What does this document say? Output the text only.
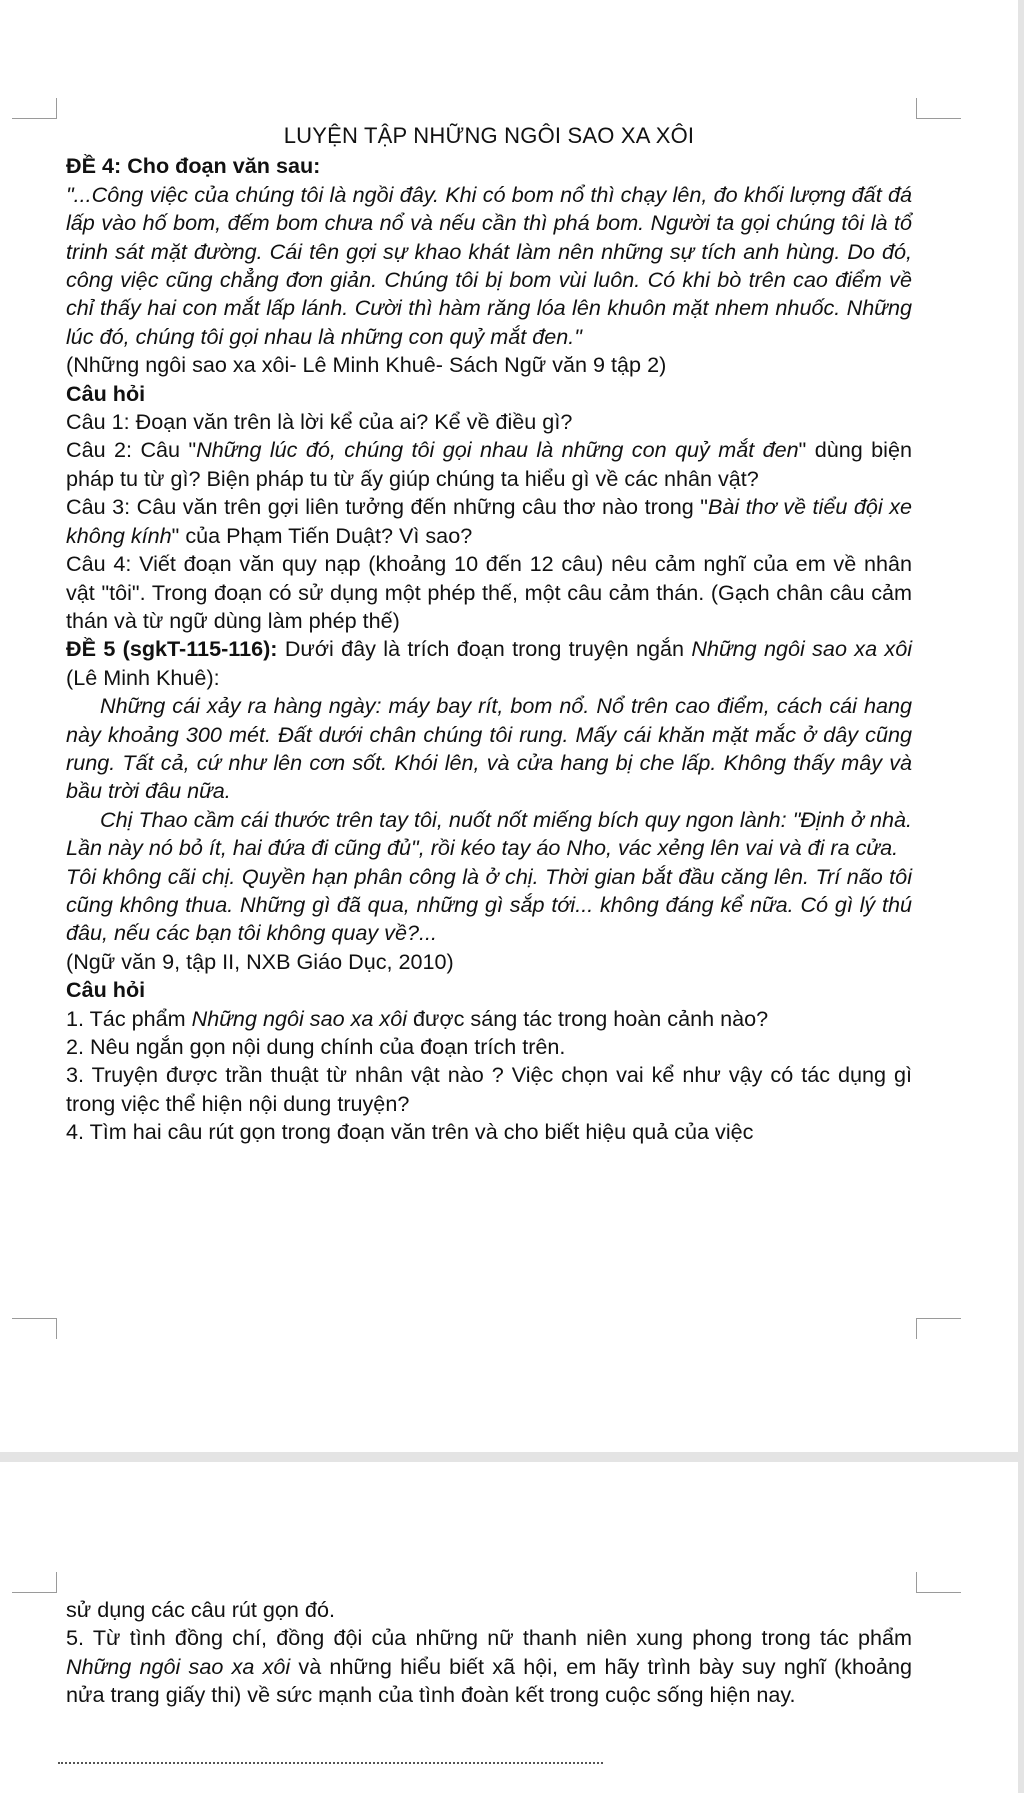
LUYỆN TẬP NHỮNG NGÔI SAO XA XÔI

ĐỀ 4: Cho đoạn văn sau:

"...Công việc của chúng tôi là ngồi đây. Khi có bom nổ thì chạy lên, đo khối lượng đất đá lấp vào hố bom, đếm bom chưa nổ và nếu cần thì phá bom. Người ta gọi chúng tôi là tổ trinh sát mặt đường. Cái tên gợi sự khao khát làm nên những sự tích anh hùng. Do đó, công việc cũng chẳng đơn giản. Chúng tôi bị bom vùi luôn. Có khi bò trên cao điểm về chỉ thấy hai con mắt lấp lánh. Cười thì hàm răng lóa lên khuôn mặt nhem nhuốc. Những lúc đó, chúng tôi gọi nhau là những con quỷ mắt đen."

(Những ngôi sao xa xôi- Lê Minh Khuê- Sách Ngữ văn 9 tập 2)

Câu hỏi

Câu 1: Đoạn văn trên là lời kể của ai? Kể về điều gì?

Câu 2: Câu "Những lúc đó, chúng tôi gọi nhau là những con quỷ mắt đen" dùng biện pháp tu từ gì? Biện pháp tu từ ấy giúp chúng ta hiểu gì về các nhân vật?

Câu 3: Câu văn trên gợi liên tưởng đến những câu thơ nào trong "Bài thơ về tiểu đội xe không kính" của Phạm Tiến Duật? Vì sao?

Câu 4: Viết đoạn văn quy nạp (khoảng 10 đến 12 câu) nêu cảm nghĩ của em về nhân vật "tôi". Trong đoạn có sử dụng một phép thế, một câu cảm thán. (Gạch chân câu cảm thán và từ ngữ dùng làm phép thế)

ĐỀ 5 (sgkT-115-116): Dưới đây là trích đoạn trong truyện ngắn Những ngôi sao xa xôi (Lê Minh Khuê):

Những cái xảy ra hàng ngày: máy bay rít, bom nổ. Nổ trên cao điểm, cách cái hang này khoảng 300 mét. Đất dưới chân chúng tôi rung. Mấy cái khăn mặt mắc ở dây cũng rung. Tất cả, cứ như lên cơn sốt. Khói lên, và cửa hang bị che lấp. Không thấy mây và bầu trời đâu nữa.

Chị Thao cầm cái thước trên tay tôi, nuốt nốt miếng bích quy ngon lành: "Định ở nhà. Lần này nó bỏ ít, hai đứa đi cũng đủ", rồi kéo tay áo Nho, vác xẻng lên vai và đi ra cửa.

Tôi không cãi chị. Quyền hạn phân công là ở chị. Thời gian bắt đầu căng lên. Trí não tôi cũng không thua. Những gì đã qua, những gì sắp tới... không đáng kể nữa. Có gì lý thú đâu, nếu các bạn tôi không quay về?...

(Ngữ văn 9, tập II, NXB Giáo Dục, 2010)

Câu hỏi

1. Tác phẩm Những ngôi sao xa xôi được sáng tác trong hoàn cảnh nào?

2. Nêu ngắn gọn nội dung chính của đoạn trích trên.

3. Truyện được trần thuật từ nhân vật nào ? Việc chọn vai kể như vậy có tác dụng gì trong việc thể hiện nội dung truyện?

4. Tìm hai câu rút gọn trong đoạn văn trên và cho biết hiệu quả của việc

sử dụng các câu rút gọn đó.

5. Từ tình đồng chí, đồng đội của những nữ thanh niên xung phong trong tác phẩm Những ngôi sao xa xôi và những hiểu biết xã hội, em hãy trình bày suy nghĩ (khoảng nửa trang giấy thi) về sức mạnh của tình đoàn kết trong cuộc sống hiện nay.
